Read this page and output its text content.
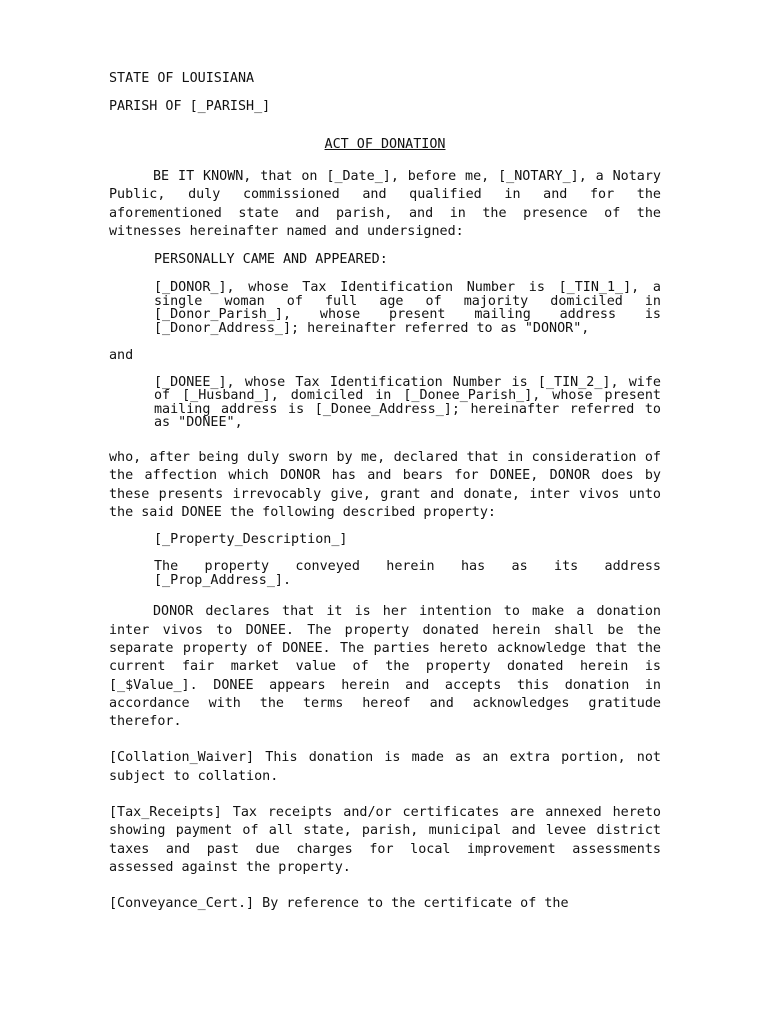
STATE OF LOUISIANA

PARISH OF [_PARISH_]

ACT OF DONATION

BE IT KNOWN, that on [_Date_], before me, [_NOTARY_], a Notary Public, duly commissioned and qualified in and for the aforementioned state and parish, and in the presence of the witnesses hereinafter named and undersigned:

PERSONALLY CAME AND APPEARED:

[_DONOR_], whose Tax Identification Number is [_TIN_1_], a single woman of full age of majority domiciled in [_Donor_Parish_], whose present mailing address is [_Donor_Address_]; hereinafter referred to as "DONOR",

and

[_DONEE_], whose Tax Identification Number is [_TIN_2_], wife of [_Husband_], domiciled in [_Donee_Parish_], whose present mailing address is [_Donee_Address_]; hereinafter referred to as "DONEE",

who, after being duly sworn by me, declared that in consideration of the affection which DONOR has and bears for DONEE, DONOR does by these presents irrevocably give, grant and donate, inter vivos unto the said DONEE the following described property:

[_Property_Description_]

The property conveyed herein has as its address [_Prop_Address_].

DONOR declares that it is her intention to make a donation inter vivos to DONEE. The property donated herein shall be the separate property of DONEE. The parties hereto acknowledge that the current fair market value of the property donated herein is [_$Value_]. DONEE appears herein and accepts this donation in accordance with the terms hereof and acknowledges gratitude therefor.

[Collation_Waiver] This donation is made as an extra portion, not subject to collation.

[Tax_Receipts] Tax receipts and/or certificates are annexed hereto showing payment of all state, parish, municipal and levee district taxes and past due charges for local improvement assessments assessed against the property.

[Conveyance_Cert.] By reference to the certificate of the
